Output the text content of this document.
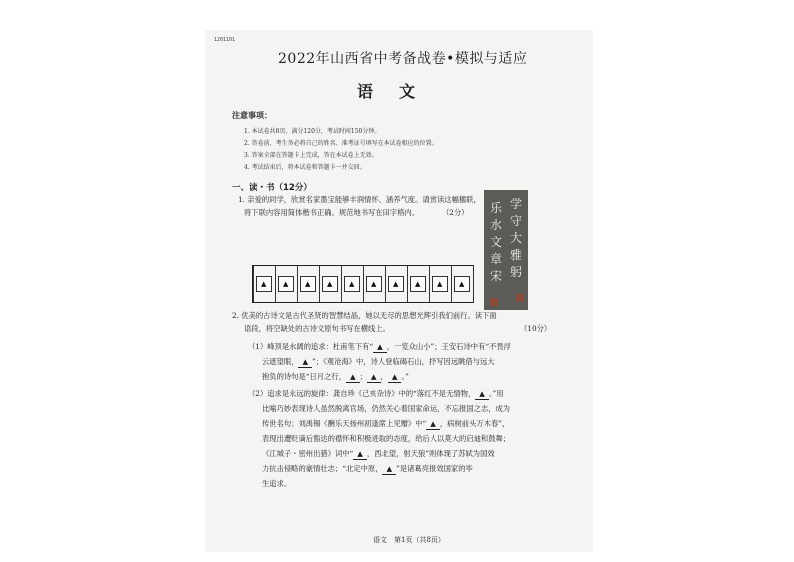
1201101
2022年山西省中考备战卷•模拟与适应
语文
注意事项：
1. 本试卷共8页，满分120分，考试时间150分钟。
2. 答卷前，考生务必将自己的姓名、准考证号填写在本试卷相应的位置。
3. 答案全部在答题卡上完成，答在本试卷上无效。
4. 考试结束后，将本试卷和答题卡一并交回。
一、读・书（12分）
1. 亲爱的同学，欣赏名家墨宝能够丰润情怀、涵养气度。请赏读这幅楹联，
将下联内容用简体楷书正确、规范地书写在田字格内。	（2分）
▲ ▲ ▲ ▲ ▲ ▲ ▲ ▲ ▲ ▲
学守大雅躬
乐水文章宋
2. 优美的古诗文是古代圣贤的智慧结晶，她以无尽的思想光辉引我们前行。读下面
语段，将空缺处的古诗文原句书写在横线上。	（10分）
（1）峰顶是水阔的追求：杜甫笔下有“ ▲ ，一览众山小”；王安石诗中有“不畏浮
云遮望眼， ▲ ”；《观沧海》中，诗人登临碣石山，抒写因远眺借与远大
抱负的诗句是“日月之行， ▲ ； ▲ ， ▲ 。”
（2）追求是永远的旋律：龚自珍《己亥杂诗》中的“落红不是无情物， ▲ 。”用
比喻巧妙表现诗人虽然脱离官场，仍然关心着国家命运，不忘报国之志，成为
传世名句；刘禹锡《酬乐天扬州初逢席上见赠》中“ ▲ ，病树前头万木春”，
表现出遭贬谪后豁达的襟怀和积极进取的态度，给后人以莫大的启迪和鼓舞；
《江城子・密州出猎》词中“ ▲ ，西北望，射天狼”则体现了苏轼为国效
力抗击侵略的豪情壮志；“北定中原， ▲ ”是诸葛亮报效国家的毕
生追求。
语文　第1页（共8页）
